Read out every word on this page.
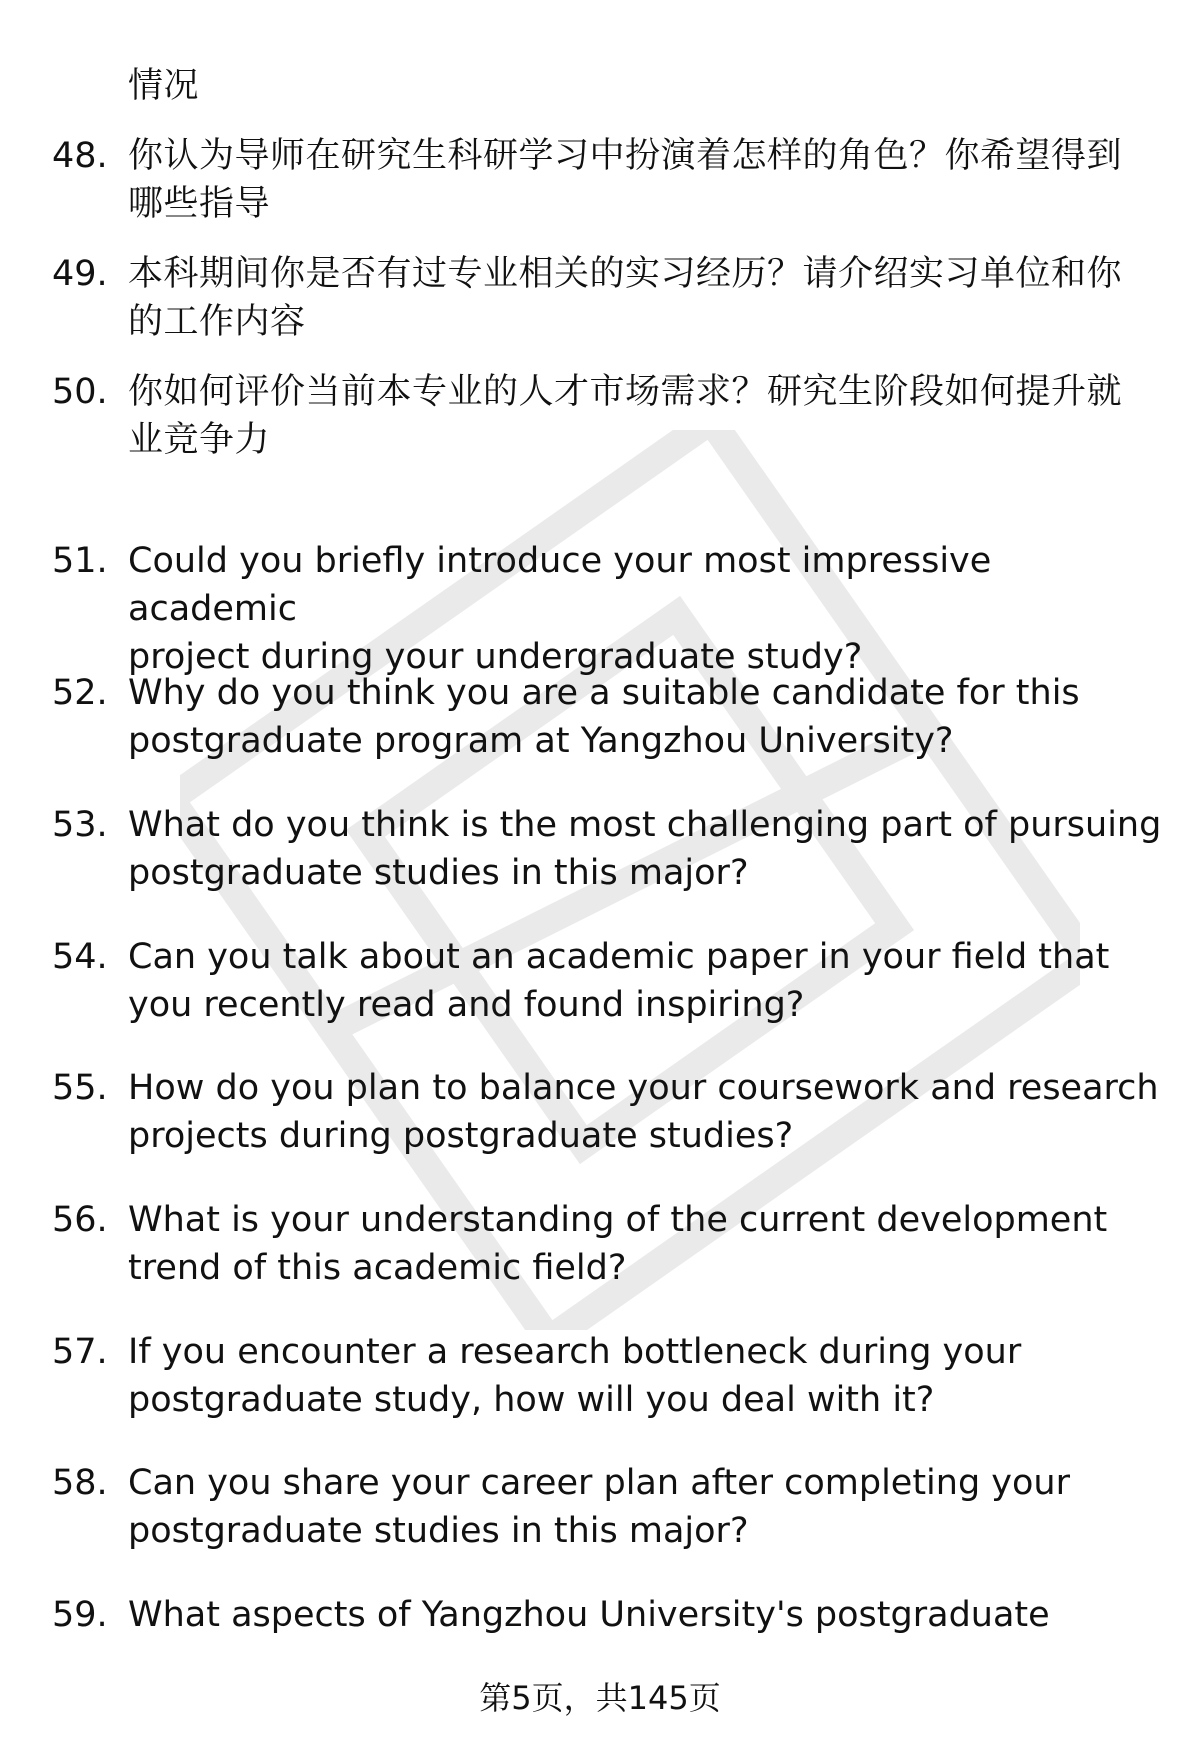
情况
48. 你认为导师在研究生科研学习中扮演着怎样的角色？你希望得到
哪些指导
49. 本科期间你是否有过专业相关的实习经历？请介绍实习单位和你
的工作内容
50. 你如何评价当前本专业的人才市场需求？研究生阶段如何提升就
业竞争力
51. Could you briefly introduce your most impressive academic
project during your undergraduate study?
52. Why do you think you are a suitable candidate for this
postgraduate program at Yangzhou University?
53. What do you think is the most challenging part of pursuing
postgraduate studies in this major?
54. Can you talk about an academic paper in your field that
you recently read and found inspiring?
55. How do you plan to balance your coursework and research
projects during postgraduate studies?
56. What is your understanding of the current development
trend of this academic field?
57. If you encounter a research bottleneck during your
postgraduate study, how will you deal with it?
58. Can you share your career plan after completing your
postgraduate studies in this major?
59. What aspects of Yangzhou University's postgraduate
第5页，共145页
